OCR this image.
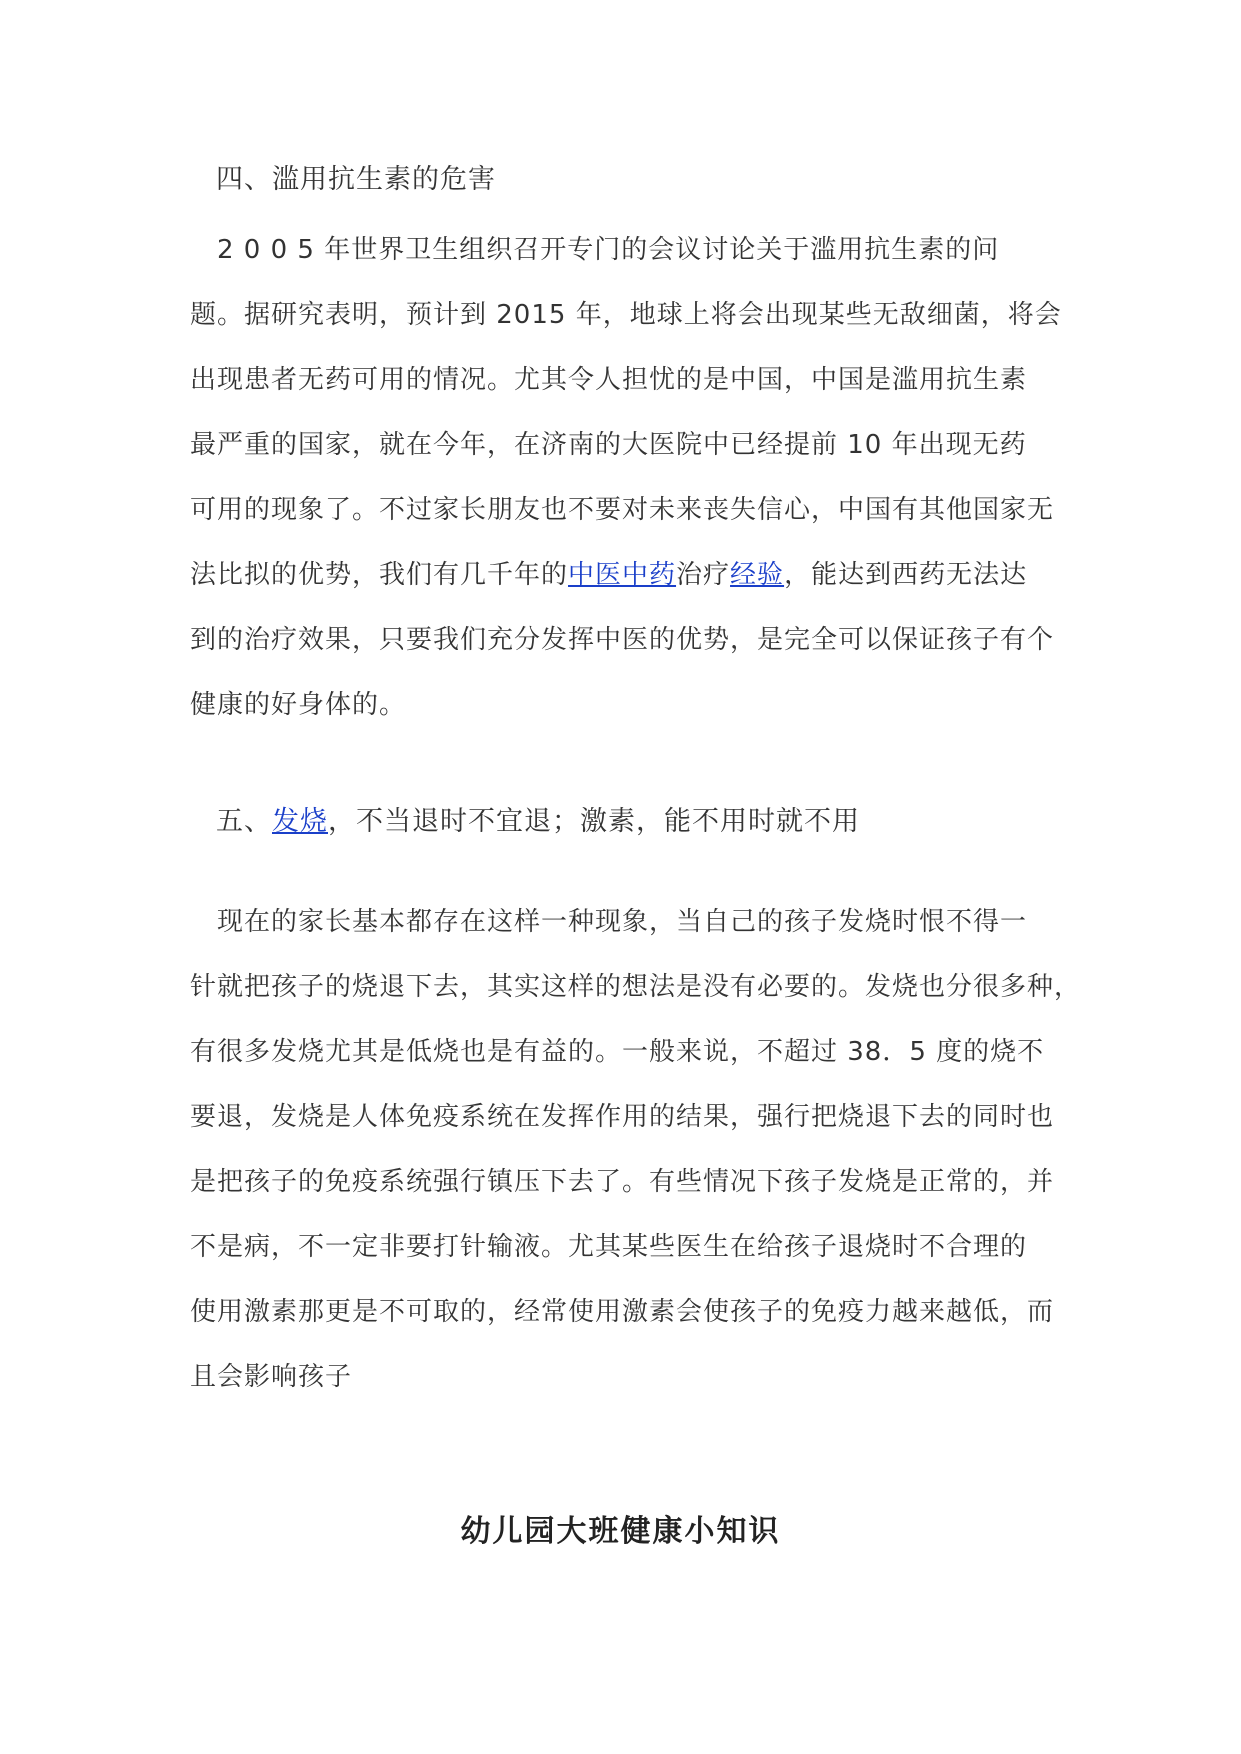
四、滥用抗生素的危害
　2 0 0 5 年世界卫生组织召开专门的会议讨论关于滥用抗生素的问
题。据研究表明，预计到 2015 年，地球上将会出现某些无敌细菌，将会
出现患者无药可用的情况。尤其令人担忧的是中国，中国是滥用抗生素
最严重的国家，就在今年，在济南的大医院中已经提前 10 年出现无药
可用的现象了。不过家长朋友也不要对未来丧失信心，中国有其他国家无
法比拟的优势，我们有几千年的中医中药治疗经验，能达到西药无法达
到的治疗效果，只要我们充分发挥中医的优势，是完全可以保证孩子有个
健康的好身体的。
五、发烧，不当退时不宜退；激素，能不用时就不用
　现在的家长基本都存在这样一种现象，当自己的孩子发烧时恨不得一
针就把孩子的烧退下去，其实这样的想法是没有必要的。发烧也分很多种，
有很多发烧尤其是低烧也是有益的。一般来说，不超过 38．5 度的烧不
要退，发烧是人体免疫系统在发挥作用的结果，强行把烧退下去的同时也
是把孩子的免疫系统强行镇压下去了。有些情况下孩子发烧是正常的，并
不是病，不一定非要打针输液。尤其某些医生在给孩子退烧时不合理的
使用激素那更是不可取的，经常使用激素会使孩子的免疫力越来越低，而
且会影响孩子
幼儿园大班健康小知识
